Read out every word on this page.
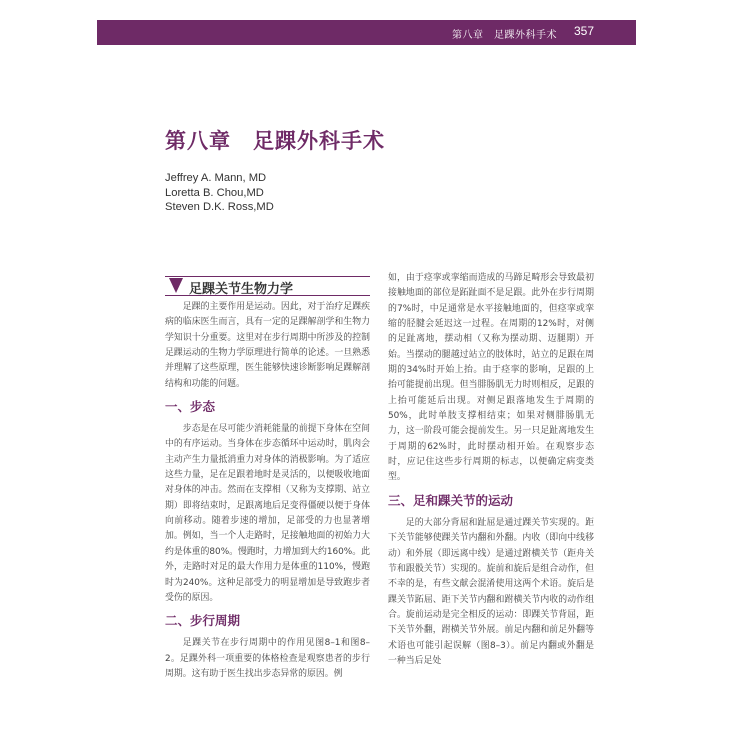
第八章　足踝外科手术 357
第八章　足踝外科手术
Jeffrey A. Mann, MD
Loretta B. Chou,MD
Steven D.K. Ross,MD
足踝关节生物力学

足踝的主要作用是运动。因此，对于治疗足踝疾病的临床医生而言，具有一定的足踝解剖学和生物力学知识十分重要。这里对在步行周期中所涉及的控制足踝运动的生物力学原理进行简单的论述。一旦熟悉并理解了这些原理，医生能够快速诊断影响足踝解剖结构和功能的问题。

一、步态

步态是在尽可能少消耗能量的前提下身体在空间中的有序运动。当身体在步态循环中运动时，肌肉会主动产生力量抵消重力对身体的消极影响。为了适应这些力量，足在足跟着地时是灵活的，以便吸收地面对身体的冲击。然而在支撑相（又称为支撑期、站立期）即将结束时，足跟离地后足变得僵硬以便于身体向前移动。随着步速的增加，足部受的力也显著增加。例如，当一个人走路时，足接触地面的初始力大约是体重的80%。慢跑时，力增加到大约160%。此外，走路时对足的最大作用力是体重的110%，慢跑时为240%。这种足部受力的明显增加是导致跑步者受伤的原因。

二、步行周期

足踝关节在步行周期中的作用见图8–1和图8–2。足踝外科一项重要的体格检查是观察患者的步行周期。这有助于医生找出步态异常的原因。例

如，由于痉挛或挛缩而造成的马蹄足畸形会导致最初接触地面的部位是跖趾面不是足跟。此外在步行周期的7%时，中足通常是水平接触地面的，但痉挛或挛缩的胫腱会延迟这一过程。在周期的12%时，对侧的足趾离地，摆动相（又称为摆动期、迈腿期）开始。当摆动的腿越过站立的肢体时，站立的足跟在周期的34%时开始上抬。由于痉挛的影响，足跟的上抬可能提前出现。但当腓肠肌无力时则相反，足跟的上抬可能延后出现。对侧足跟落地发生于周期的50%，此时单肢支撑相结束；如果对侧腓肠肌无力，这一阶段可能会提前发生。另一只足趾离地发生于周期的62%时，此时摆动相开始。在观察步态时，应记住这些步行周期的标志，以便确定病变类型。

三、足和踝关节的运动

足的大部分背屈和趾屈是通过踝关节实现的。距下关节能够使踝关节内翻和外翻。内收（即向中线移动）和外展（即远离中线）是通过跗横关节（距舟关节和跟骰关节）实现的。旋前和旋后是组合动作，但不幸的是，有些文献会混淆使用这两个术语。旋后是踝关节跖屈、距下关节内翻和跗横关节内收的动作组合。旋前运动是完全相反的运动：即踝关节背屈，距下关节外翻，跗横关节外展。前足内翻和前足外翻等术语也可能引起误解（图8–3）。前足内翻或外翻是一种当后足处
